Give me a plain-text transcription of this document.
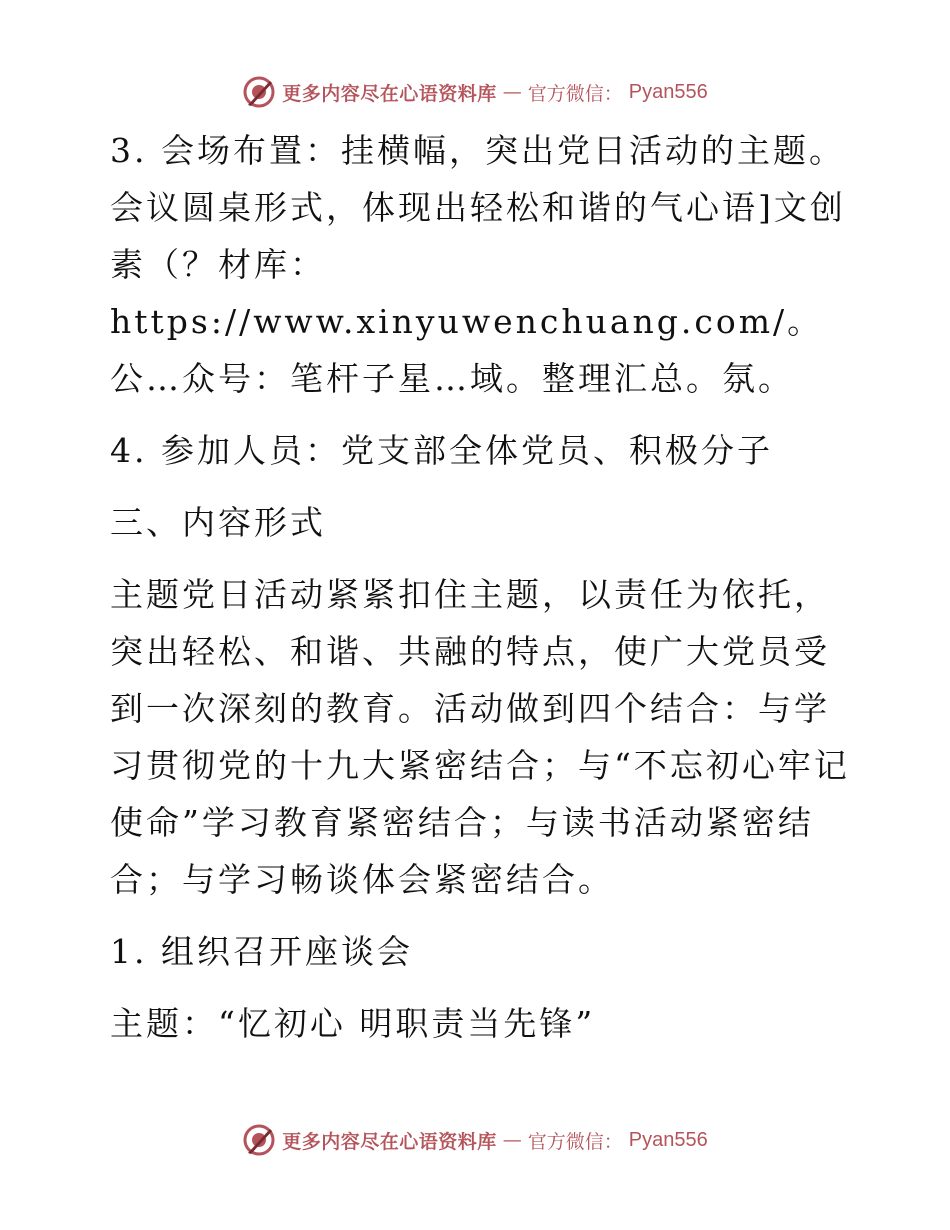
更多内容尽在心语资料库 — 官方微信： Pyan556

3. 会场布置：挂横幅，突出党日活动的主题。会议圆桌形式，体现出轻松和谐的气心语]文创素（？材库：https://www.xinyuwenchuang.com/。公…众号：笔杆子星…域。整理汇总。氛。

4. 参加人员：党支部全体党员、积极分子

三、内容形式

主题党日活动紧紧扣住主题，以责任为依托，突出轻松、和谐、共融的特点，使广大党员受到一次深刻的教育。活动做到四个结合：与学习贯彻党的十九大紧密结合；与“不忘初心牢记使命”学习教育紧密结合；与读书活动紧密结合；与学习畅谈体会紧密结合。

1. 组织召开座谈会

主题：“忆初心 明职责当先锋”

更多内容尽在心语资料库 — 官方微信： Pyan556
